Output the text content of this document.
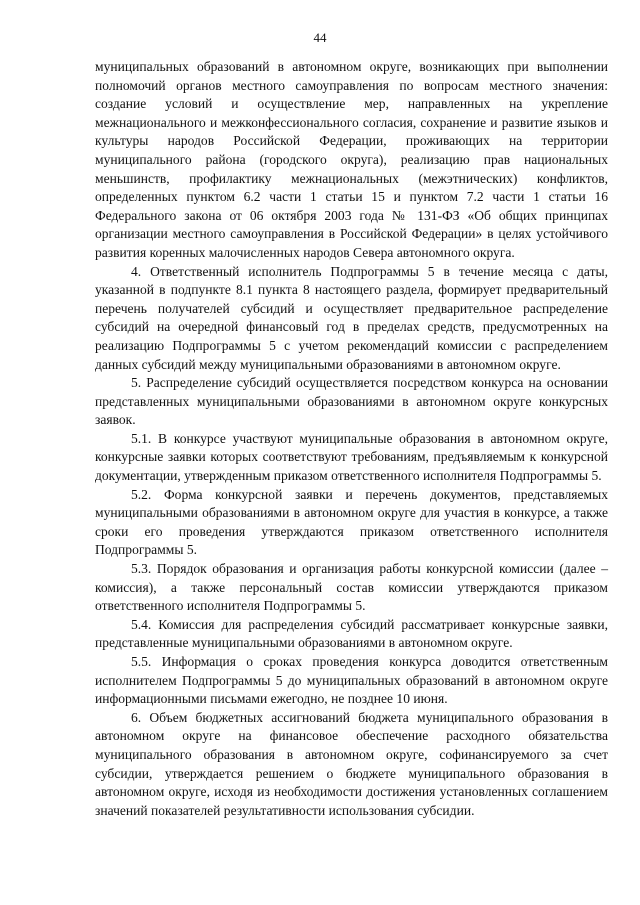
44

муниципальных образований в автономном округе, возникающих при выполнении полномочий органов местного самоуправления по вопросам местного значения: создание условий и осуществление мер, направленных на укрепление межнационального и межконфессионального согласия, сохранение и развитие языков и культуры народов Российской Федерации, проживающих на территории муниципального района (городского округа), реализацию прав национальных меньшинств, профилактику межнациональных (межэтнических) конфликтов, определенных пунктом 6.2 части 1 статьи 15 и пунктом 7.2 части 1 статьи 16 Федерального закона от 06 октября 2003 года № 131-ФЗ «Об общих принципах организации местного самоуправления в Российской Федерации» в целях устойчивого развития коренных малочисленных народов Севера автономного округа.

4. Ответственный исполнитель Подпрограммы 5 в течение месяца с даты, указанной в подпункте 8.1 пункта 8 настоящего раздела, формирует предварительный перечень получателей субсидий и осуществляет предварительное распределение субсидий на очередной финансовый год в пределах средств, предусмотренных на реализацию Подпрограммы 5 с учетом рекомендаций комиссии с распределением данных субсидий между муниципальными образованиями в автономном округе.

5. Распределение субсидий осуществляется посредством конкурса на основании представленных муниципальными образованиями в автономном округе конкурсных заявок.

5.1. В конкурсе участвуют муниципальные образования в автономном округе, конкурсные заявки которых соответствуют требованиям, предъявляемым к конкурсной документации, утвержденным приказом ответственного исполнителя Подпрограммы 5.

5.2. Форма конкурсной заявки и перечень документов, представляемых муниципальными образованиями в автономном округе для участия в конкурсе, а также сроки его проведения утверждаются приказом ответственного исполнителя Подпрограммы 5.

5.3. Порядок образования и организация работы конкурсной комиссии (далее – комиссия), а также персональный состав комиссии утверждаются приказом ответственного исполнителя Подпрограммы 5.

5.4. Комиссия для распределения субсидий рассматривает конкурсные заявки, представленные муниципальными образованиями в автономном округе.

5.5. Информация о сроках проведения конкурса доводится ответственным исполнителем Подпрограммы 5 до муниципальных образований в автономном округе информационными письмами ежегодно, не позднее 10 июня.

6. Объем бюджетных ассигнований бюджета муниципального образования в автономном округе на финансовое обеспечение расходного обязательства муниципального образования в автономном округе, софинансируемого за счет субсидии, утверждается решением о бюджете муниципального образования в автономном округе, исходя из необходимости достижения установленных соглашением значений показателей результативности использования субсидии.
